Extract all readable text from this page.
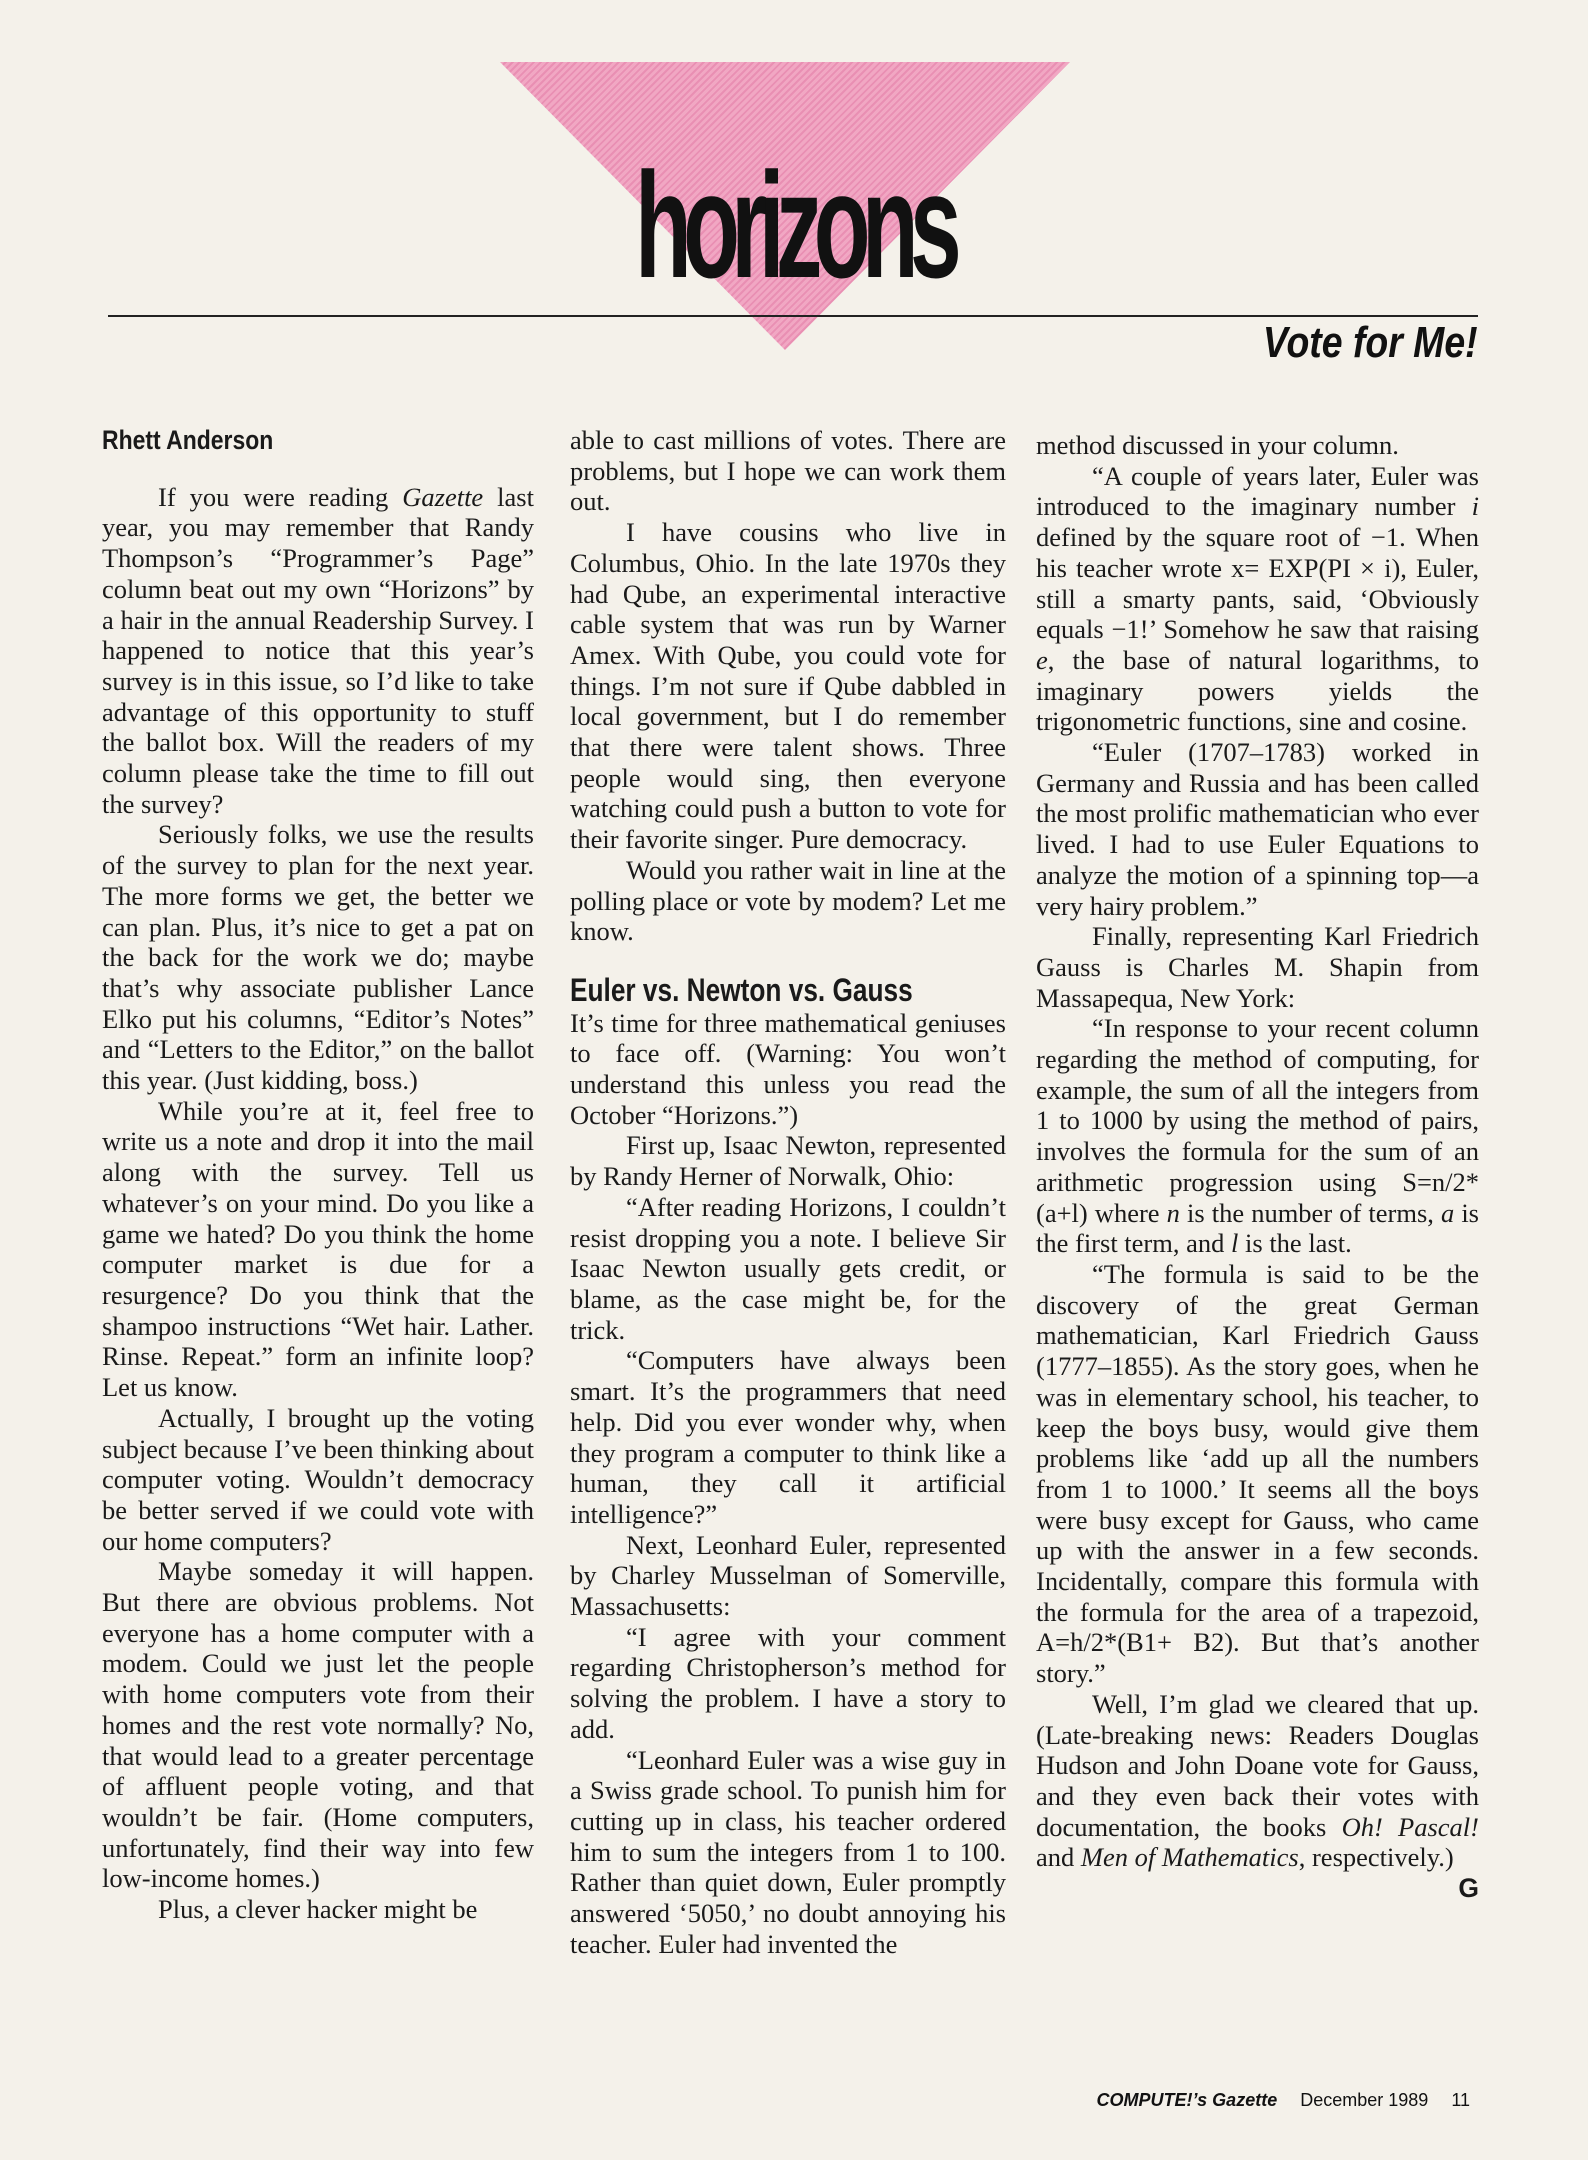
horizons
Vote for Me!
Rhett Anderson

If you were reading Gazette last year, you may remember that Randy Thompson’s “Programmer’s Page” column beat out my own “Horizons” by a hair in the annual Readership Survey. I happened to notice that this year’s survey is in this issue, so I’d like to take advantage of this opportunity to stuff the ballot box. Will the readers of my column please take the time to fill out the survey?

Seriously folks, we use the results of the survey to plan for the next year. The more forms we get, the better we can plan. Plus, it’s nice to get a pat on the back for the work we do; maybe that’s why associate publisher Lance Elko put his columns, “Editor’s Notes” and “Letters to the Editor,” on the ballot this year. (Just kidding, boss.)

While you’re at it, feel free to write us a note and drop it into the mail along with the survey. Tell us whatever’s on your mind. Do you like a game we hated? Do you think the home computer market is due for a resurgence? Do you think that the shampoo instructions “Wet hair. Lather. Rinse. Repeat.” form an infinite loop? Let us know.

Actually, I brought up the voting subject because I’ve been thinking about computer voting. Wouldn’t democracy be better served if we could vote with our home computers?

Maybe someday it will happen. But there are obvious problems. Not everyone has a home computer with a modem. Could we just let the people with home computers vote from their homes and the rest vote normally? No, that would lead to a greater percentage of affluent people voting, and that wouldn’t be fair. (Home computers, unfortunately, find their way into few low-income homes.)

Plus, a clever hacker might be

able to cast millions of votes. There are problems, but I hope we can work them out.

I have cousins who live in Columbus, Ohio. In the late 1970s they had Qube, an experimental interactive cable system that was run by Warner Amex. With Qube, you could vote for things. I’m not sure if Qube dabbled in local government, but I do remember that there were talent shows. Three people would sing, then everyone watching could push a button to vote for their favorite singer. Pure democracy.

Would you rather wait in line at the polling place or vote by modem? Let me know.

Euler vs. Newton vs. Gauss

It’s time for three mathematical geniuses to face off. (Warning: You won’t understand this unless you read the October “Horizons.”)

First up, Isaac Newton, represented by Randy Herner of Norwalk, Ohio:

“After reading Horizons, I couldn’t resist dropping you a note. I believe Sir Isaac Newton usually gets credit, or blame, as the case might be, for the trick.

“Computers have always been smart. It’s the programmers that need help. Did you ever wonder why, when they program a computer to think like a human, they call it artificial intelligence?”

Next, Leonhard Euler, represented by Charley Musselman of Somerville, Massachusetts:

“I agree with your comment regarding Christopherson’s method for solving the problem. I have a story to add.

“Leonhard Euler was a wise guy in a Swiss grade school. To punish him for cutting up in class, his teacher ordered him to sum the integers from 1 to 100. Rather than quiet down, Euler promptly answered ‘5050,’ no doubt annoying his teacher. Euler had invented the

method discussed in your column.

“A couple of years later, Euler was introduced to the imaginary number i defined by the square root of −1. When his teacher wrote x= EXP(PI × i), Euler, still a smarty pants, said, ‘Obviously equals −1!’ Somehow he saw that raising e, the base of natural logarithms, to imaginary powers yields the trigonometric functions, sine and cosine.

“Euler (1707–1783) worked in Germany and Russia and has been called the most prolific mathematician who ever lived. I had to use Euler Equations to analyze the motion of a spinning top—a very hairy problem.”

Finally, representing Karl Friedrich Gauss is Charles M. Shapin from Massapequa, New York:

“In response to your recent column regarding the method of computing, for example, the sum of all the integers from 1 to 1000 by using the method of pairs, involves the formula for the sum of an arithmetic progression using S=n/2* (a+l) where n is the number of terms, a is the first term, and l is the last.

“The formula is said to be the discovery of the great German mathematician, Karl Friedrich Gauss (1777–1855). As the story goes, when he was in elementary school, his teacher, to keep the boys busy, would give them problems like ‘add up all the numbers from 1 to 1000.’ It seems all the boys were busy except for Gauss, who came up with the answer in a few seconds. Incidentally, compare this formula with the formula for the area of a trapezoid, A=h/2*(B1+ B2). But that’s another story.”

Well, I’m glad we cleared that up. (Late-breaking news: Readers Douglas Hudson and John Doane vote for Gauss, and they even back their votes with documentation, the books Oh! Pascal! and Men of Mathematics, respectively.)
G

COMPUTE!’s Gazette December 1989 11
